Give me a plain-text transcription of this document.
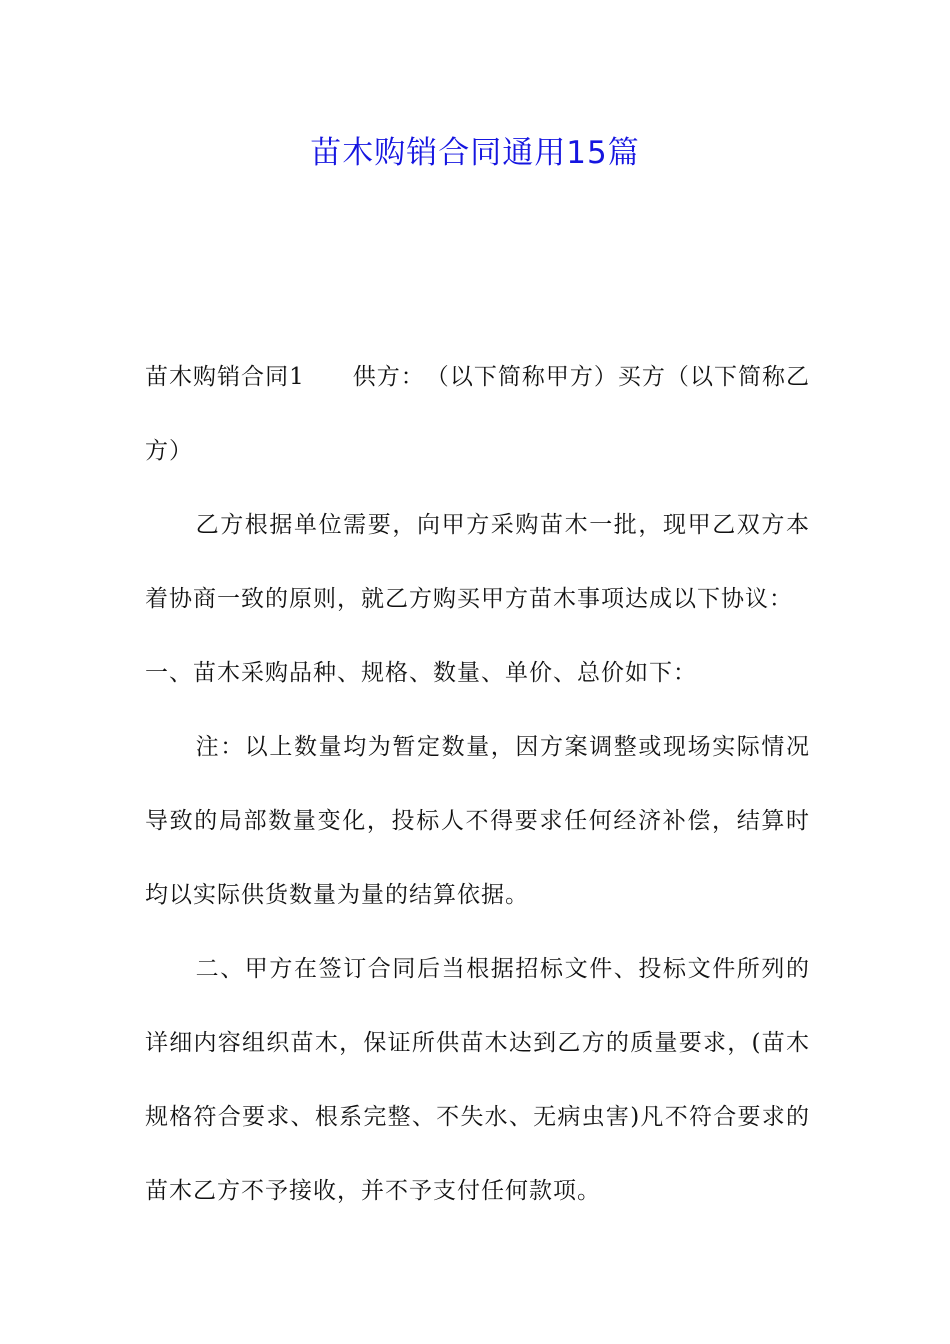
苗木购销合同通用15篇

苗木购销合同1　　供方：　（以下简称甲方）买方（以下简称乙方）

乙方根据单位需要，向甲方采购苗木一批，现甲乙双方本着协商一致的原则，就乙方购买甲方苗木事项达成以下协议：

一、苗木采购品种、规格、数量、单价、总价如下：

注：以上数量均为暂定数量，因方案调整或现场实际情况导致的局部数量变化，投标人不得要求任何经济补偿，结算时均以实际供货数量为量的结算依据。

二、甲方在签订合同后当根据招标文件、投标文件所列的详细内容组织苗木，保证所供苗木达到乙方的质量要求，(苗木规格符合要求、根系完整、不失水、无病虫害)凡不符合要求的苗木乙方不予接收，并不予支付任何款项。
